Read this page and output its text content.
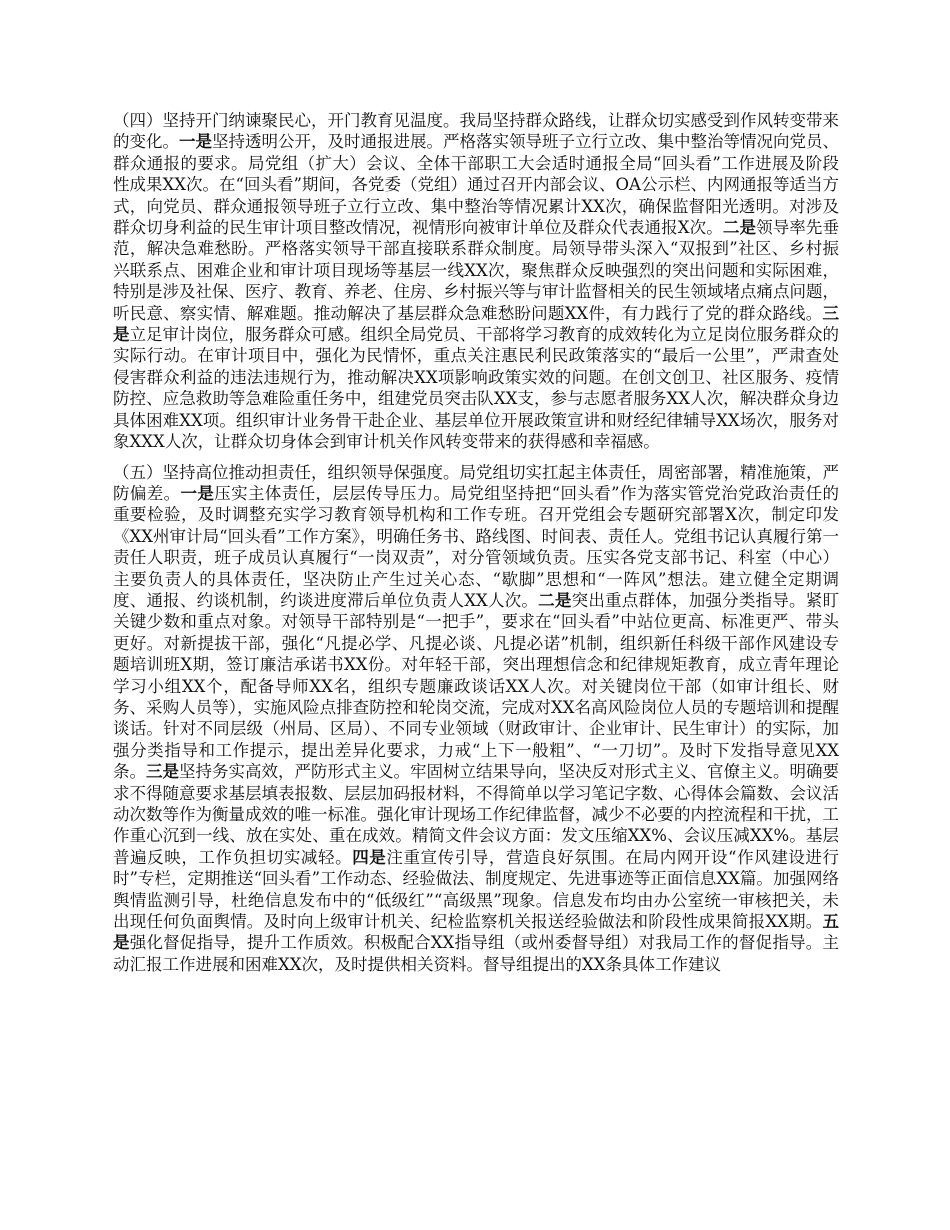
（四）坚持开门纳谏聚民心，开门教育见温度。我局坚持群众路线，让群众切实感受到作风转变带来的变化。一是坚持透明公开，及时通报进展。严格落实领导班子立行立改、集中整治等情况向党员、群众通报的要求。局党组（扩大）会议、全体干部职工大会适时通报全局“回头看”工作进展及阶段性成果XX次。在“回头看”期间，各党委（党组）通过召开内部会议、OA公示栏、内网通报等适当方式，向党员、群众通报领导班子立行立改、集中整治等情况累计XX次，确保监督阳光透明。对涉及群众切身利益的民生审计项目整改情况，视情形向被审计单位及群众代表通报X次。二是领导率先垂范，解决急难愁盼。严格落实领导干部直接联系群众制度。局领导带头深入“双报到”社区、乡村振兴联系点、困难企业和审计项目现场等基层一线XX次，聚焦群众反映强烈的突出问题和实际困难，特别是涉及社保、医疗、教育、养老、住房、乡村振兴等与审计监督相关的民生领域堵点痛点问题，听民意、察实情、解难题。推动解决了基层群众急难愁盼问题XX件，有力践行了党的群众路线。三是立足审计岗位，服务群众可感。组织全局党员、干部将学习教育的成效转化为立足岗位服务群众的实际行动。在审计项目中，强化为民情怀，重点关注惠民利民政策落实的“最后一公里”，严肃查处侵害群众利益的违法违规行为，推动解决XX项影响政策实效的问题。在创文创卫、社区服务、疫情防控、应急救助等急难险重任务中，组建党员突击队XX支，参与志愿者服务XX人次，解决群众身边具体困难XX项。组织审计业务骨干赴企业、基层单位开展政策宣讲和财经纪律辅导XX场次，服务对象XXX人次，让群众切身体会到审计机关作风转变带来的获得感和幸福感。

（五）坚持高位推动担责任，组织领导保强度。局党组切实扛起主体责任，周密部署，精准施策，严防偏差。一是压实主体责任，层层传导压力。局党组坚持把“回头看”作为落实管党治党政治责任的重要检验，及时调整充实学习教育领导机构和工作专班。召开党组会专题研究部署X次，制定印发《XX州审计局“回头看”工作方案》，明确任务书、路线图、时间表、责任人。党组书记认真履行第一责任人职责，班子成员认真履行“一岗双责”，对分管领域负责。压实各党支部书记、科室（中心）主要负责人的具体责任，坚决防止产生过关心态、“歇脚”思想和“一阵风”想法。建立健全定期调度、通报、约谈机制，约谈进度滞后单位负责人XX人次。二是突出重点群体，加强分类指导。紧盯关键少数和重点对象。对领导干部特别是“一把手”，要求在“回头看”中站位更高、标准更严、带头更好。对新提拔干部，强化“凡提必学、凡提必谈、凡提必诺”机制，组织新任科级干部作风建设专题培训班X期，签订廉洁承诺书XX份。对年轻干部，突出理想信念和纪律规矩教育，成立青年理论学习小组XX个，配备导师XX名，组织专题廉政谈话XX人次。对关键岗位干部（如审计组长、财务、采购人员等），实施风险点排查防控和轮岗交流，完成对XX名高风险岗位人员的专题培训和提醒谈话。针对不同层级（州局、区局）、不同专业领域（财政审计、企业审计、民生审计）的实际，加强分类指导和工作提示，提出差异化要求，力戒“上下一般粗”、“一刀切”。及时下发指导意见XX条。三是坚持务实高效，严防形式主义。牢固树立结果导向，坚决反对形式主义、官僚主义。明确要求不得随意要求基层填表报数、层层加码报材料，不得简单以学习笔记字数、心得体会篇数、会议活动次数等作为衡量成效的唯一标准。强化审计现场工作纪律监督，减少不必要的内控流程和干扰，工作重心沉到一线、放在实处、重在成效。精简文件会议方面：发文压缩XX%、会议压减XX%。基层普遍反映，工作负担切实减轻。四是注重宣传引导，营造良好氛围。在局内网开设“作风建设进行时”专栏，定期推送“回头看”工作动态、经验做法、制度规定、先进事迹等正面信息XX篇。加强网络舆情监测引导，杜绝信息发布中的“低级红”“高级黑”现象。信息发布均由办公室统一审核把关，未出现任何负面舆情。及时向上级审计机关、纪检监察机关报送经验做法和阶段性成果简报XX期。五是强化督促指导，提升工作质效。积极配合XX指导组（或州委督导组）对我局工作的督促指导。主动汇报工作进展和困难XX次，及时提供相关资料。督导组提出的XX条具体工作建议
